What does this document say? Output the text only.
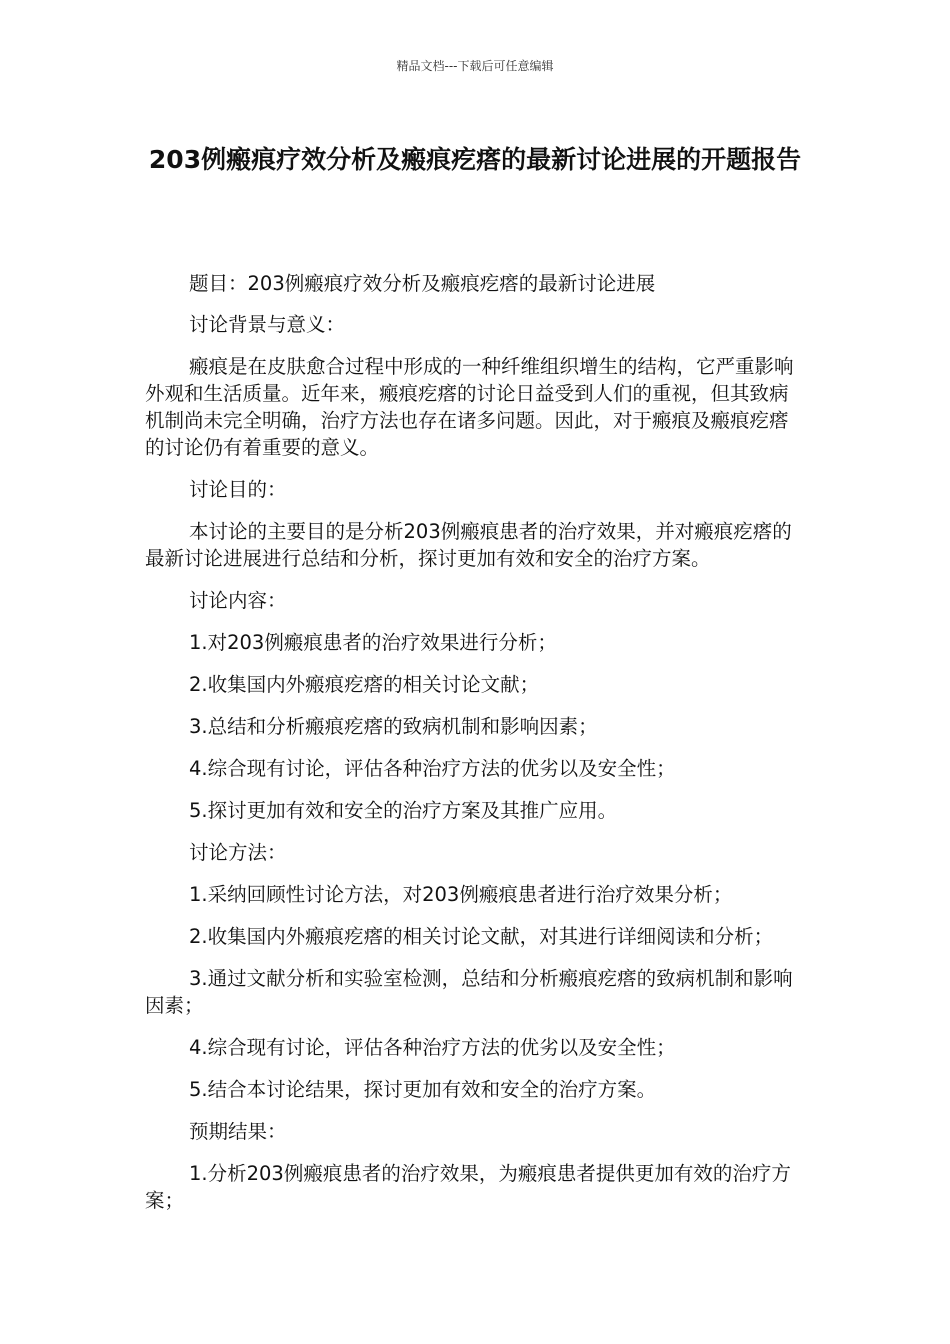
精品文档---下载后可任意编辑
203例瘢痕疗效分析及瘢痕疙瘩的最新讨论进展的开题报告

题目：203例瘢痕疗效分析及瘢痕疙瘩的最新讨论进展

讨论背景与意义：

瘢痕是在皮肤愈合过程中形成的一种纤维组织增生的结构，它严重影响外观和生活质量。近年来，瘢痕疙瘩的讨论日益受到人们的重视，但其致病机制尚未完全明确，治疗方法也存在诸多问题。因此，对于瘢痕及瘢痕疙瘩的讨论仍有着重要的意义。

讨论目的：

本讨论的主要目的是分析203例瘢痕患者的治疗效果，并对瘢痕疙瘩的最新讨论进展进行总结和分析，探讨更加有效和安全的治疗方案。

讨论内容：

1.对203例瘢痕患者的治疗效果进行分析；

2.收集国内外瘢痕疙瘩的相关讨论文献；

3.总结和分析瘢痕疙瘩的致病机制和影响因素；

4.综合现有讨论，评估各种治疗方法的优劣以及安全性；

5.探讨更加有效和安全的治疗方案及其推广应用。

讨论方法：

1.采纳回顾性讨论方法，对203例瘢痕患者进行治疗效果分析；

2.收集国内外瘢痕疙瘩的相关讨论文献，对其进行详细阅读和分析；

3.通过文献分析和实验室检测，总结和分析瘢痕疙瘩的致病机制和影响因素；

4.综合现有讨论，评估各种治疗方法的优劣以及安全性；

5.结合本讨论结果，探讨更加有效和安全的治疗方案。

预期结果：

1.分析203例瘢痕患者的治疗效果，为瘢痕患者提供更加有效的治疗方案；
